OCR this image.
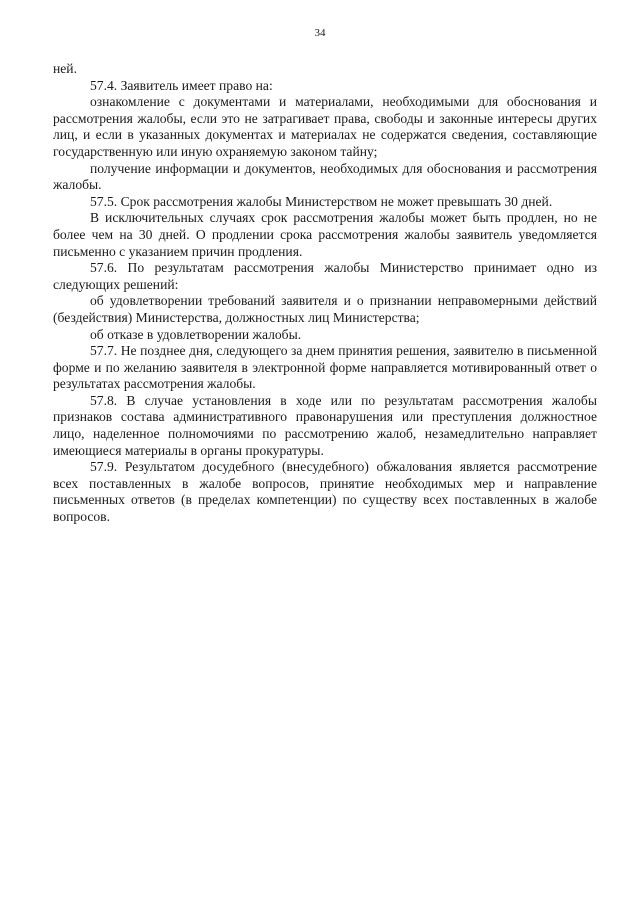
34

ней.

57.4. Заявитель имеет право на:

ознакомление с документами и материалами, необходимыми для обоснования и рассмотрения жалобы, если это не затрагивает права, свободы и законные интересы других лиц, и если в указанных документах и материалах не содержатся сведения, составляющие государственную или иную охраняемую законом тайну;

получение информации и документов, необходимых для обоснования и рассмотрения жалобы.

57.5. Срок рассмотрения жалобы Министерством не может превышать 30 дней.

В исключительных случаях срок рассмотрения жалобы может быть продлен, но не более чем на 30 дней. О продлении срока рассмотрения жалобы заявитель уведомляется письменно с указанием причин продления.

57.6. По результатам рассмотрения жалобы Министерство принимает одно из следующих решений:

об удовлетворении требований заявителя и о признании неправомерными действий (бездействия) Министерства, должностных лиц Министерства;

об отказе в удовлетворении жалобы.

57.7. Не позднее дня, следующего за днем принятия решения, заявителю в письменной форме и по желанию заявителя в электронной форме направляется мотивированный ответ о результатах рассмотрения жалобы.

57.8. В случае установления в ходе или по результатам рассмотрения жалобы признаков состава административного правонарушения или преступления должностное лицо, наделенное полномочиями по рассмотрению жалоб, незамедлительно направляет имеющиеся материалы в органы прокуратуры.

57.9. Результатом досудебного (внесудебного) обжалования является рассмотрение всех поставленных в жалобе вопросов, принятие необходимых мер и направление письменных ответов (в пределах компетенции) по существу всех поставленных в жалобе вопросов.
